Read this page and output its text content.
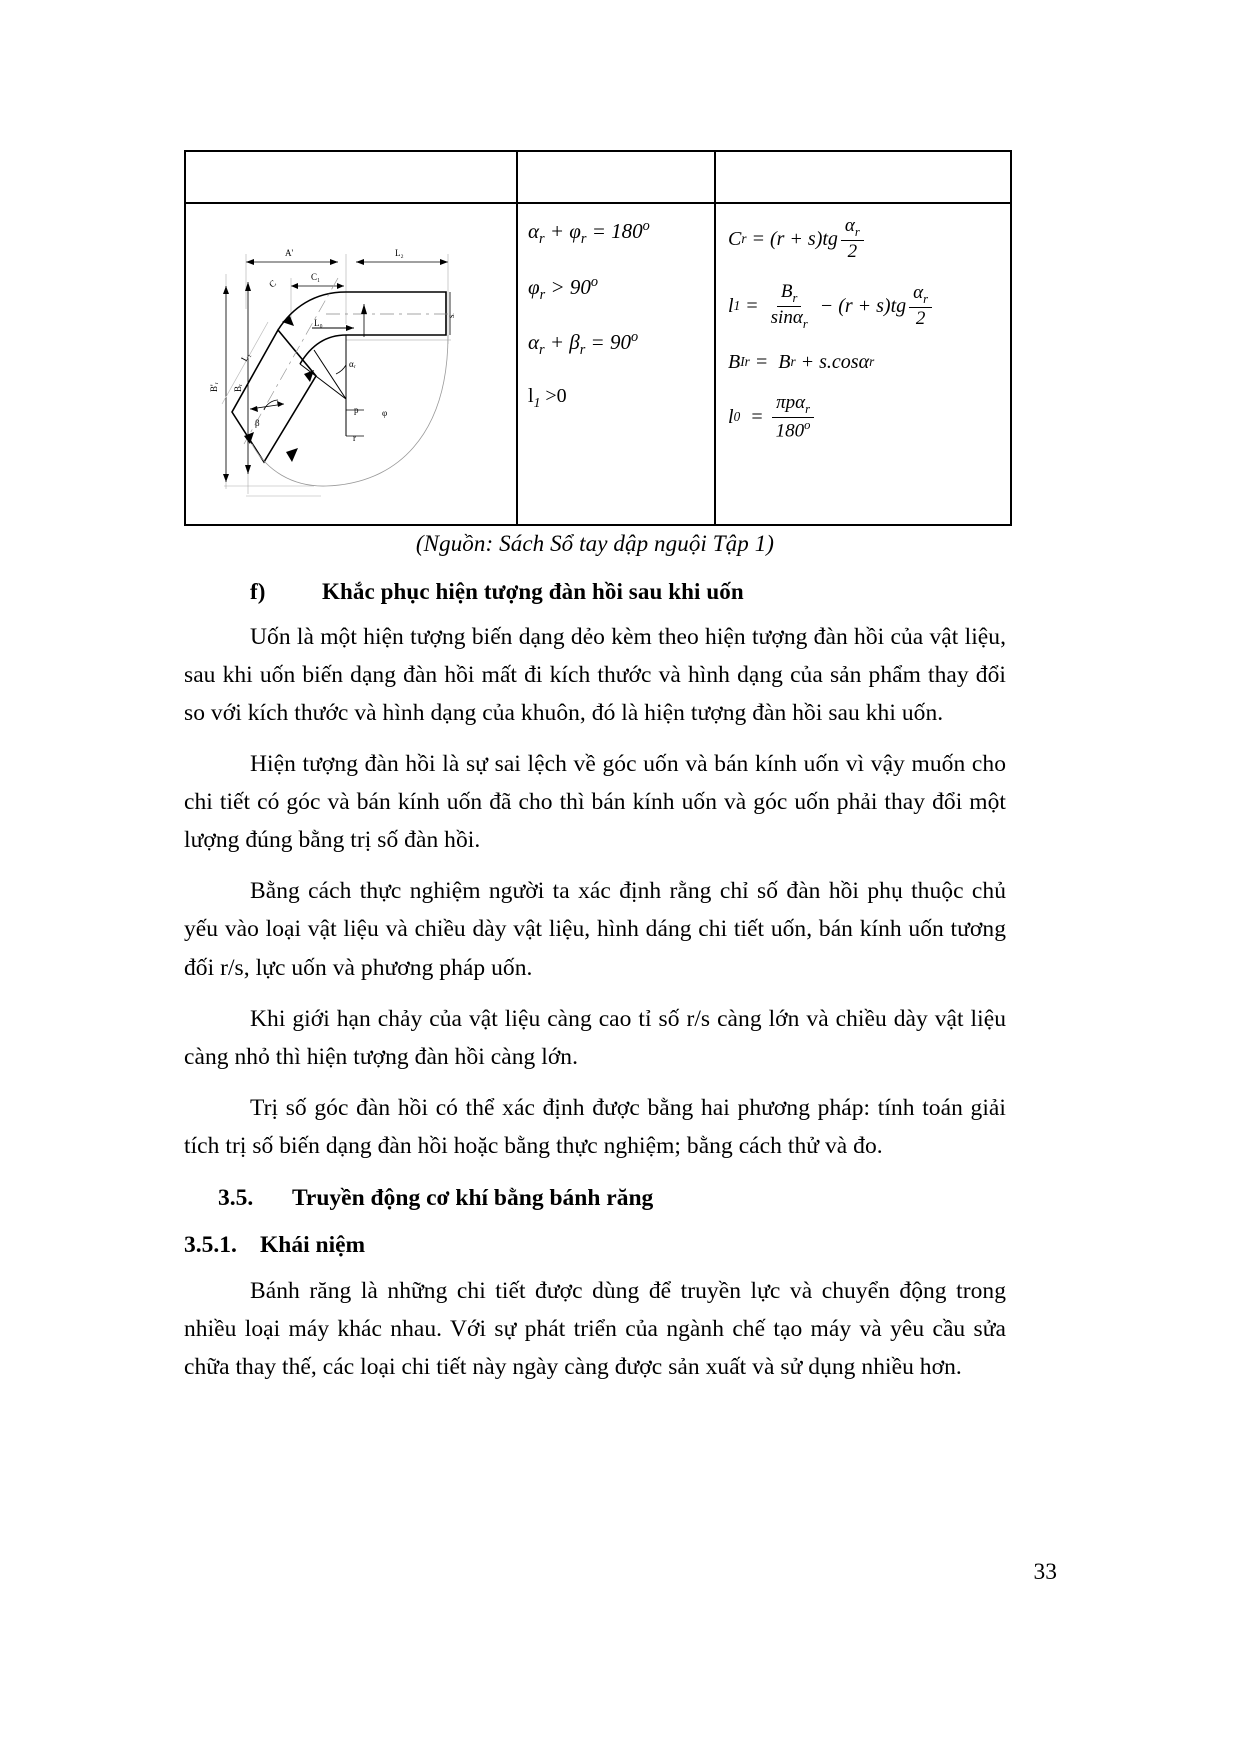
A'	L₂
C₁
C
L₁
L₀
B'ᵣ Bᵣ
αᵣ
β
φ
p
r
s

$\alpha_r + \varphi_r = 180^o$
$\varphi_r > 90^o$
$\alpha_r + \beta_r = 90^o$
$l_1 >0$

C $r = (r + s)tg \frac{\alpha_r}{2}$
l $1 = \frac{B_r}{\sin\alpha_r} - (r + s)tg \frac{\alpha_r}{2}$
B I r =  B r + s.cosα r
l $0 = \frac{\pi p\alpha_r}{180^o}$
(Nguồn: Sách Sổ tay dập nguội Tập 1)
f) Khắc phục hiện tượng đàn hồi sau khi uốn

Uốn là một hiện tượng biến dạng dẻo kèm theo hiện tượng đàn hồi của vật liệu, sau khi uốn biến dạng đàn hồi mất đi kích thước và hình dạng của sản phẩm thay đổi so với kích thước và hình dạng của khuôn, đó là hiện tượng đàn hồi sau khi uốn.

Hiện tượng đàn hồi là sự sai lệch về góc uốn và bán kính uốn vì vậy muốn cho chi tiết có góc và bán kính uốn đã cho thì bán kính uốn và góc uốn phải thay đổi một lượng đúng bằng trị số đàn hồi.

Bằng cách thực nghiệm người ta xác định rằng chỉ số đàn hồi phụ thuộc chủ yếu vào loại vật liệu và chiều dày vật liệu, hình dáng chi tiết uốn, bán kính uốn tương đối r/s, lực uốn và phương pháp uốn.

Khi giới hạn chảy của vật liệu càng cao tỉ số r/s càng lớn và chiều dày vật liệu càng nhỏ thì hiện tượng đàn hồi càng lớn.

Trị số góc đàn hồi có thể xác định được bằng hai phương pháp: tính toán giải tích trị số biến dạng đàn hồi hoặc bằng thực nghiệm; bằng cách thử và đo.

3.5. Truyền động cơ khí bằng bánh răng
3.5.1. Khái niệm

Bánh răng là những chi tiết được dùng để truyền lực và chuyển động trong nhiều loại máy khác nhau. Với sự phát triển của ngành chế tạo máy và yêu cầu sửa chữa thay thế, các loại chi tiết này ngày càng được sản xuất và sử dụng nhiều hơn.

33
